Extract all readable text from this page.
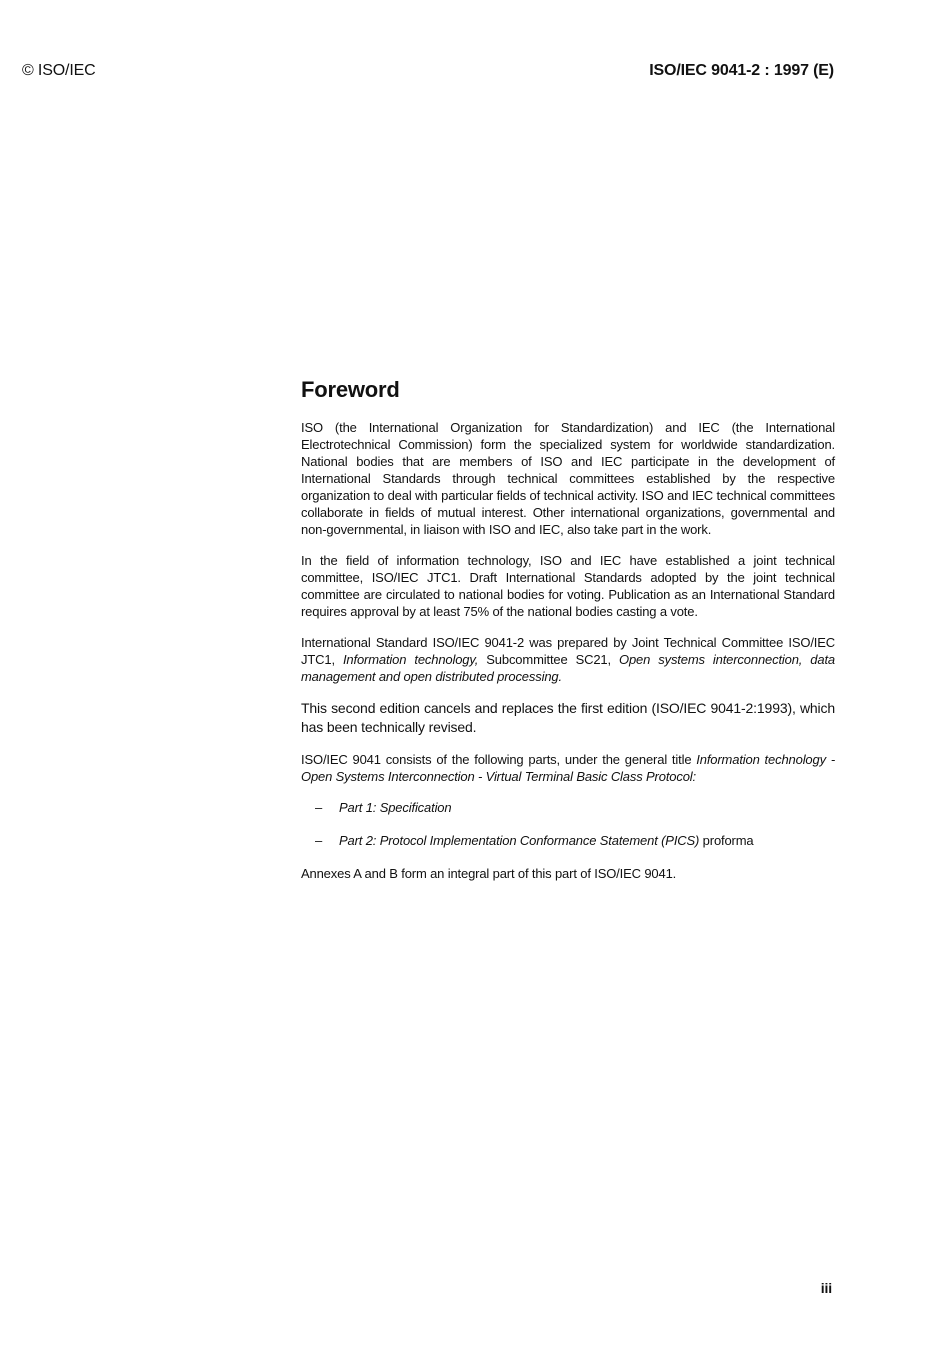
© ISO/IEC	ISO/IEC 9041-2 : 1997 (E)

Foreword

ISO (the International Organization for Standardization) and IEC (the International Electrotechnical Commission) form the specialized system for worldwide standardization. National bodies that are members of ISO and IEC participate in the development of International Standards through technical committees established by the respective organization to deal with particular fields of technical activity. ISO and IEC technical committees collaborate in fields of mutual interest. Other international organizations, governmental and non-governmental, in liaison with ISO and IEC, also take part in the work.

In the field of information technology, ISO and IEC have established a joint technical committee, ISO/IEC JTC1. Draft International Standards adopted by the joint technical committee are circulated to national bodies for voting. Publication as an International Standard requires approval by at least 75% of the national bodies casting a vote.

International Standard ISO/IEC 9041-2 was prepared by Joint Technical Committee ISO/IEC JTC1, Information technology, Subcommittee SC21, Open systems interconnection, data management and open distributed processing.

This second edition cancels and replaces the first edition (ISO/IEC 9041-2:1993), which has been technically revised.

ISO/IEC 9041 consists of the following parts, under the general title Information technology - Open Systems Interconnection - Virtual Terminal Basic Class Protocol:

– Part 1: Specification
– Part 2: Protocol Implementation Conformance Statement (PICS) proforma

Annexes A and B form an integral part of this part of ISO/IEC 9041.

iii
